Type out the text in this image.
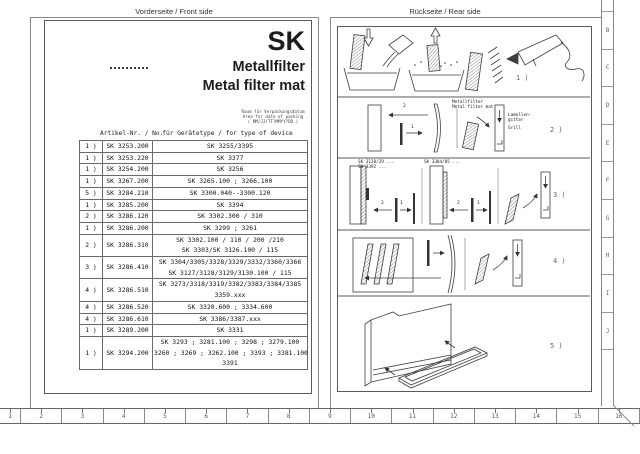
Vorderseite / Front side	Rückseite / Rear side
SK
Metallfilter
Metal filter mat
Raum für Verpackungsdatum
Area for date of packing
( MM/JJ/TT?MMYY?DD )
Artikel-Nr. / No.
für Gerätetype / for type of device
1 )	SK 3253.200	SK 3255/3395

1 )	SK 3253.220	SK 3377

1 )	SK 3254.200	SK 3256

1 )	SK 3267.200	SK 3265.100 ; 3266.100

5 )	SK 3284.210	SK 3300.040--3300.120

1 )	SK 3285.200	SK 3394

2 )	SK 3286.120	SK 3302.300 / 310

1 )	SK 3286.200	SK 3299 ; 3261

2 )	SK 3286.310	SK 3302.100 / 110 / 200 /210
SK 3303/SK 3126.100 / 115

3 )	SK 3286.410	SK 3304/3305/3328/3329/3332/3360/3366
SK 3127/3128/3129/3130.100 / 115

4 )	SK 3286.510	SK 3273/3318/3319/3382/3383/3384/3385
3359.xxx

4 )	SK 3286.520	SK 3320.600 ; 3334.600

4 )	SK 3286.610	SK 3386/3387.xxx

1 )	SK 3289.200	SK 3331

1 )	SK 3294.200	SK 3293 ; 3281.100 ; 3298 ; 3279.100
3260 ; 3269 ; 3262.100 ; 3393 ; 3381.100
3391
1 )
2 )
3 )
4 )
5 )
Metallfilter
Metal filter mat
Lamellen-
gitter
Grill
SK 3128/29 ...
SK 3392 ...
SK 3304/05 ...
2
1
2	1	2	1
B
C
D
E
F
G
H
I
J
1	2	3	4	5	6	7	8	9	10	11	12	13	14	15	16
